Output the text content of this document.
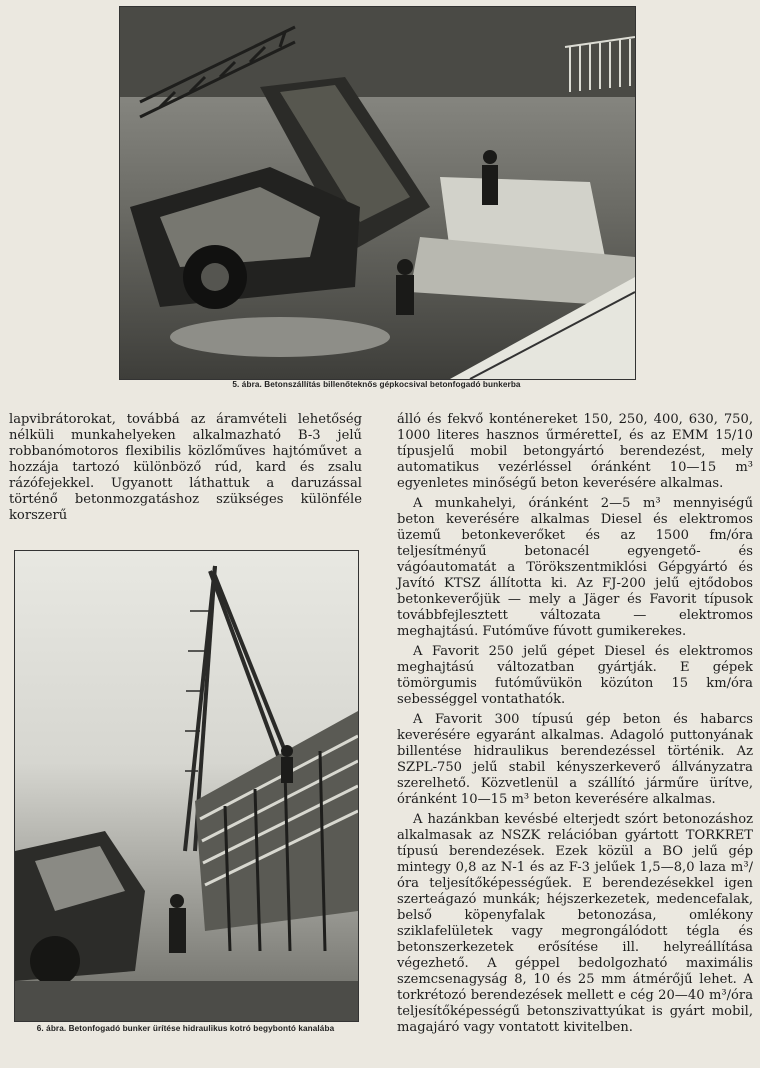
5. ábra. Betonszállítás billenőteknős gépkocsival betonfogadó bunkerba

lapvibrátorokat, továbbá az áramvételi lehetőség nélküli munkahelyeken alkalmazható B-3 jelű robbanómotoros flexibilis közlőműves hajtóművet a hozzája tartozó különböző rúd, kard és zsalu rázófejekkel. Ugyanott láthattuk a daruzással történő betonmozgatáshoz szükséges különféle korszerű

6. ábra. Betonfogadó bunker ürítése hidraulikus kotró begybontó kanalába

álló és fekvő konténereket 150, 250, 400, 630, 750, 1000 literes hasznos űrméretteI, és az EMM 15/10 típusjelű mobil betongyártó berendezést, mely automatikus vezérléssel óránként 10—15 m³ egyenletes minőségű beton keverésére alkalmas.

A munkahelyi, óránként 2—5 m³ mennyiségű beton keverésére alkalmas Diesel és elektromos üzemű betonkeverőket és az 1500 fm/óra teljesítményű betonacél egyengető- és vágóautomatát a Törökszentmiklósi Gépgyártó és Javító KTSZ állította ki. Az FJ-200 jelű ejtődobos betonkeverőjük — mely a Jäger és Favorit típusok továbbfejlesztett változata — elektromos meghajtású. Futóműve fúvott gumikerekes.

A Favorit 250 jelű gépet Diesel és elektromos meghajtású változatban gyártják. E gépek tömörgumis futóművükön közúton 15 km/óra sebességgel vontathatók.

A Favorit 300 típusú gép beton és habarcs keverésére egyaránt alkalmas. Adagoló puttonyának billentése hidraulikus berendezéssel történik. Az SZPL-750 jelű stabil kényszerkeverő állványzatra szerelhető. Közvetlenül a szállító járműre ürítve, óránként 10—15 m³ beton keverésére alkalmas.

A hazánkban kevésbé elterjedt szórt betonozáshoz alkalmasak az NSZK relációban gyártott TORKRET típusú berendezések. Ezek közül a BO jelű gép mintegy 0,8 az N-1 és az F-3 jelűek 1,5—8,0 laza m³/óra teljesítőképességűek. E berendezésekkel igen szerteágazó munkák; héjszerkezetek, medencefalak, belső köpenyfalak betonozása, omlékony sziklafelületek vagy megrongálódott tégla és betonszerkezetek erősítése ill. helyreállítása végezhető. A géppel bedolgozható maximális szemcsenagyság 8, 10 és 25 mm átmérőjű lehet. A torkrétozó berendezések mellett e cég 20—40 m³/óra teljesítőképességű betonszivattyúkat is gyárt mobil, magajáró vagy vontatott kivitelben.
